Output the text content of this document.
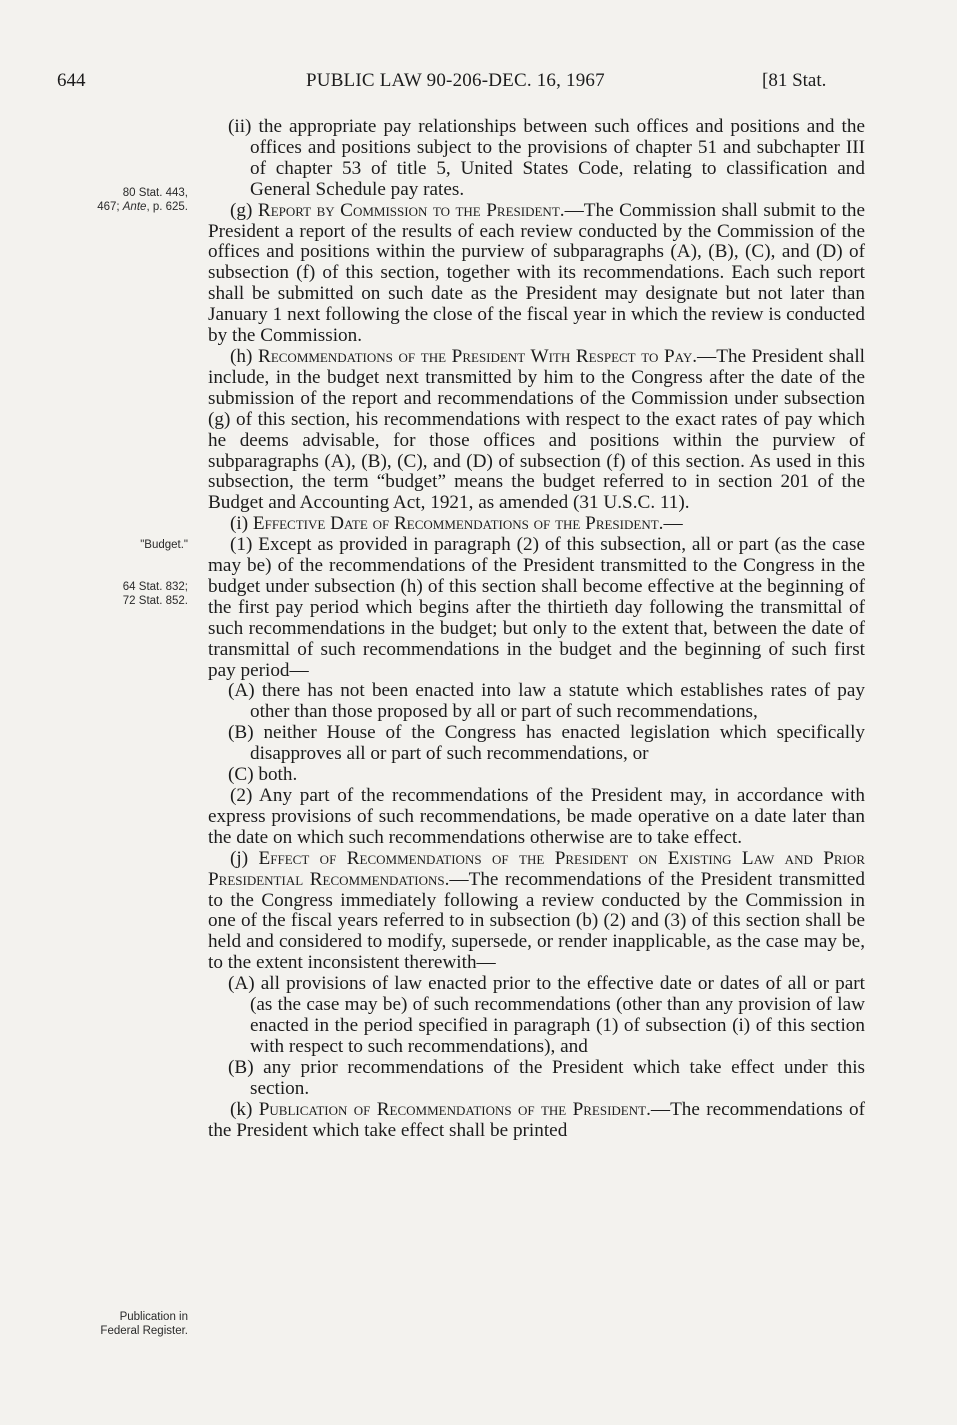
644	PUBLIC LAW 90-206-DEC. 16, 1967	[81 Stat.
80 Stat. 443,
467; Ante, p. 625.
"Budget."
64 Stat. 832;
72 Stat. 852.
Publication in
Federal Register.

(ii) the appropriate pay relationships between such offices and positions and the offices and positions subject to the provisions of chapter 51 and subchapter III of chapter 53 of title 5, United States Code, relating to classification and General Schedule pay rates.

(g) Report by Commission to the President.—The Commission shall submit to the President a report of the results of each review conducted by the Commission of the offices and positions within the purview of subparagraphs (A), (B), (C), and (D) of subsection (f) of this section, together with its recommendations. Each such report shall be submitted on such date as the President may designate but not later than January 1 next following the close of the fiscal year in which the review is conducted by the Commission.

(h) Recommendations of the President With Respect to Pay.—The President shall include, in the budget next transmitted by him to the Congress after the date of the submission of the report and recommendations of the Commission under subsection (g) of this section, his recommendations with respect to the exact rates of pay which he deems advisable, for those offices and positions within the purview of subparagraphs (A), (B), (C), and (D) of subsection (f) of this section. As used in this subsection, the term “budget” means the budget referred to in section 201 of the Budget and Accounting Act, 1921, as amended (31 U.S.C. 11).

(i) Effective Date of Recommendations of the President.—

(1) Except as provided in paragraph (2) of this subsection, all or part (as the case may be) of the recommendations of the President transmitted to the Congress in the budget under subsection (h) of this section shall become effective at the beginning of the first pay period which begins after the thirtieth day following the transmittal of such recommendations in the budget; but only to the extent that, between the date of transmittal of such recommendations in the budget and the beginning of such first pay period—

(A) there has not been enacted into law a statute which establishes rates of pay other than those proposed by all or part of such recommendations,

(B) neither House of the Congress has enacted legislation which specifically disapproves all or part of such recommendations, or

(C) both.

(2) Any part of the recommendations of the President may, in accordance with express provisions of such recommendations, be made operative on a date later than the date on which such recommendations otherwise are to take effect.

(j) Effect of Recommendations of the President on Existing Law and Prior Presidential Recommendations.—The recommendations of the President transmitted to the Congress immediately following a review conducted by the Commission in one of the fiscal years referred to in subsection (b) (2) and (3) of this section shall be held and considered to modify, supersede, or render inapplicable, as the case may be, to the extent inconsistent therewith—

(A) all provisions of law enacted prior to the effective date or dates of all or part (as the case may be) of such recommendations (other than any provision of law enacted in the period specified in paragraph (1) of subsection (i) of this section with respect to such recommendations), and

(B) any prior recommendations of the President which take effect under this section.

(k) Publication of Recommendations of the President.—The recommendations of the President which take effect shall be printed
